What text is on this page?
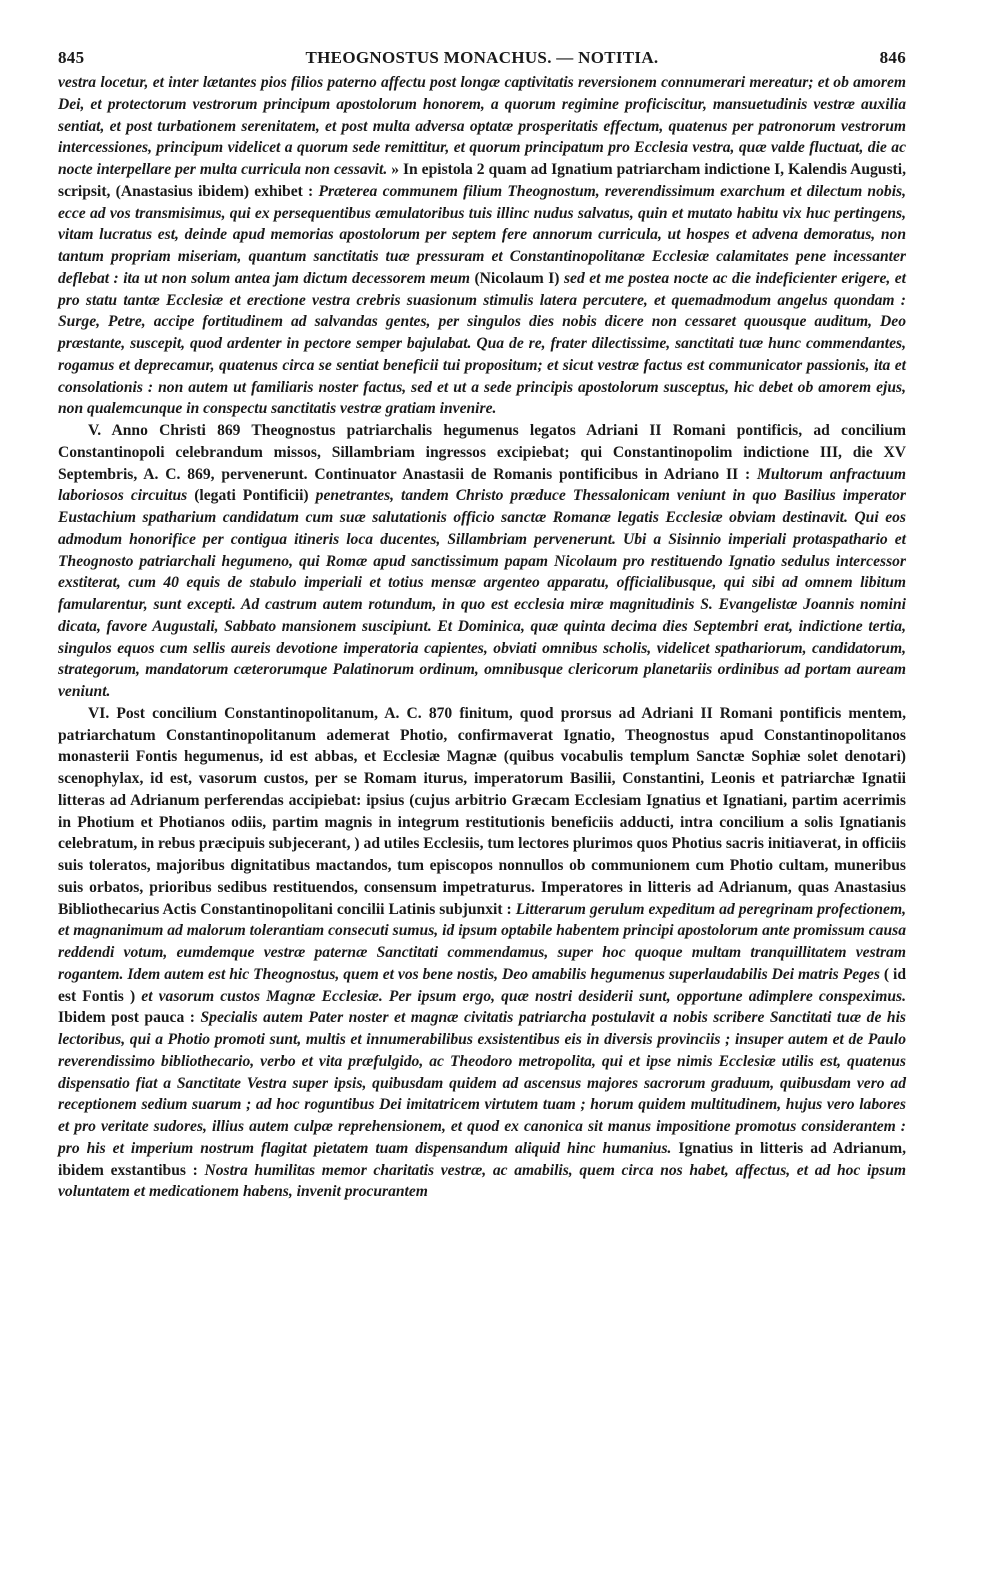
845	THEOGNOSTUS MONACHUS. — NOTITIA.	846

vestra locetur, et inter lætantes pios filios paterno affectu post longæ captivitatis reversionem connumerari mereatur; et ob amorem Dei, et protectorum vestrorum principum apostolorum honorem, a quorum regimine proficiscitur, mansuetudinis vestræ auxilia sentiat, et post turbationem serenitatem, et post multa adversa optatæ prosperitatis effectum, quatenus per patronorum vestrorum intercessiones, principum videlicet a quorum sede remittitur, et quorum principatum pro Ecclesia vestra, quæ valde fluctuat, die ac nocte interpellare per multa curricula non cessavit. » In epistola 2 quam ad Ignatium patriarcham indictione I, Kalendis Augusti, scripsit, (Anastasius ibidem) exhibet : Præterea communem filium Theognostum, reverendissimum exarchum et dilectum nobis, ecce ad vos transmisimus, qui ex persequentibus æmulatoribus tuis illinc nudus salvatus, quin et mutato habitu vix huc pertingens, vitam lucratus est, deinde apud memorias apostolorum per septem fere annorum curricula, ut hospes et advena demoratus, non tantum propriam miseriam, quantum sanctitatis tuæ pressuram et Constantinopolitanæ Ecclesiæ calamitates pene incessanter deflebat : ita ut non solum antea jam dictum decessorem meum (Nicolaum I) sed et me postea nocte ac die indeficienter erigere, et pro statu tantæ Ecclesiæ et erectione vestra crebris suasionum stimulis latera percutere, et quemadmodum angelus quondam : Surge, Petre, accipe fortitudinem ad salvandas gentes, per singulos dies nobis dicere non cessaret quousque auditum, Deo præstante, suscepit, quod ardenter in pectore semper bajulabat. Qua de re, frater dilectissime, sanctitati tuæ hunc commendantes, rogamus et deprecamur, quatenus circa se sentiat beneficii tui propositum; et sicut vestræ factus est communicator passionis, ita et consolationis : non autem ut familiaris noster factus, sed et ut a sede principis apostolorum susceptus, hic debet ob amorem ejus, non qualemcunque in conspectu sanctitatis vestræ gratiam invenire.

V. Anno Christi 869 Theognostus patriarchalis hegumenus legatos Adriani II Romani pontificis, ad concilium Constantinopoli celebrandum missos, Sillambriam ingressos excipiebat; qui Constantinopolim indictione III, die XV Septembris, A. C. 869, pervenerunt. Continuator Anastasii de Romanis pontificibus in Adriano II : Multorum anfractuum laboriosos circuitus (legati Pontificii) penetrantes, tandem Christo præduce Thessalonicam veniunt in quo Basilius imperator Eustachium spatharium candidatum cum suæ salutationis officio sanctæ Romanæ legatis Ecclesiæ obviam destinavit. Qui eos admodum honorifice per contigua itineris loca ducentes, Sillambriam pervenerunt. Ubi a Sisinnio imperiali protaspathario et Theognosto patriarchali hegumeno, qui Romæ apud sanctissimum papam Nicolaum pro restituendo Ignatio sedulus intercessor exstiterat, cum 40 equis de stabulo imperiali et totius mensæ argenteo apparatu, officialibusque, qui sibi ad omnem libitum famularentur, sunt excepti. Ad castrum autem rotundum, in quo est ecclesia miræ magnitudinis S. Evangelistæ Joannis nomini dicata, favore Augustali, Sabbato mansionem suscipiunt. Et Dominica, quæ quinta decima dies Septembri erat, indictione tertia, singulos equos cum sellis aureis devotione imperatoria capientes, obviati omnibus scholis, videlicet spathariorum, candidatorum, strategorum, mandatorum cæterorumque Palatinorum ordinum, omnibusque clericorum planetariis ordinibus ad portam auream veniunt.

VI. Post concilium Constantinopolitanum, A. C. 870 finitum, quod prorsus ad Adriani II Romani pontificis mentem, patriarchatum Constantinopolitanum ademerat Photio, confirmaverat Ignatio, Theognostus apud Constantinopolitanos monasterii Fontis hegumenus, id est abbas, et Ecclesiæ Magnæ (quibus vocabulis templum Sanctæ Sophiæ solet denotari) scenophylax, id est, vasorum custos, per se Romam iturus, imperatorum Basilii, Constantini, Leonis et patriarchæ Ignatii litteras ad Adrianum perferendas accipiebat: ipsius (cujus arbitrio Græcam Ecclesiam Ignatius et Ignatiani, partim acerrimis in Photium et Photianos odiis, partim magnis in integrum restitutionis beneficiis adducti, intra concilium a solis Ignatianis celebratum, in rebus præcipuis subjecerant, ) ad utiles Ecclesiis, tum lectores plurimos quos Photius sacris initiaverat, in officiis suis toleratos, majoribus dignitatibus mactandos, tum episcopos nonnullos ob communionem cum Photio cultam, muneribus suis orbatos, prioribus sedibus restituendos, consensum impetraturus. Imperatores in litteris ad Adrianum, quas Anastasius Bibliothecarius Actis Constantinopolitani concilii Latinis subjunxit : Litterarum gerulum expeditum ad peregrinam profectionem, et magnanimum ad malorum tolerantiam consecuti sumus, id ipsum optabile habentem principi apostolorum ante promissum causa reddendi votum, eumdemque vestræ paternæ Sanctitati commendamus, super hoc quoque multam tranquillitatem vestram rogantem. Idem autem est hic Theognostus, quem et vos bene nostis, Deo amabilis hegumenus superlaudabilis Dei matris Peges ( id est Fontis ) et vasorum custos Magnæ Ecclesiæ. Per ipsum ergo, quæ nostri desiderii sunt, opportune adimplere conspeximus. Ibidem post pauca : Specialis autem Pater noster et magnæ civitatis patriarcha postulavit a nobis scribere Sanctitati tuæ de his lectoribus, qui a Photio promoti sunt, multis et innumerabilibus exsistentibus eis in diversis provinciis ; insuper autem et de Paulo reverendissimo bibliothecario, verbo et vita præfulgido, ac Theodoro metropolita, qui et ipse nimis Ecclesiæ utilis est, quatenus dispensatio fiat a Sanctitate Vestra super ipsis, quibusdam quidem ad ascensus majores sacrorum graduum, quibusdam vero ad receptionem sedium suarum ; ad hoc roguntibus Dei imitatricem virtutem tuam ; horum quidem multitudinem, hujus vero labores et pro veritate sudores, illius autem culpæ reprehensionem, et quod ex canonica sit manus impositione promotus considerantem : pro his et imperium nostrum flagitat pietatem tuam dispensandum aliquid hinc humanius. Ignatius in litteris ad Adrianum, ibidem exstantibus : Nostra humilitas memor charitatis vestræ, ac amabilis, quem circa nos habet, affectus, et ad hoc ipsum voluntatem et medicationem habens, invenit procurantem
